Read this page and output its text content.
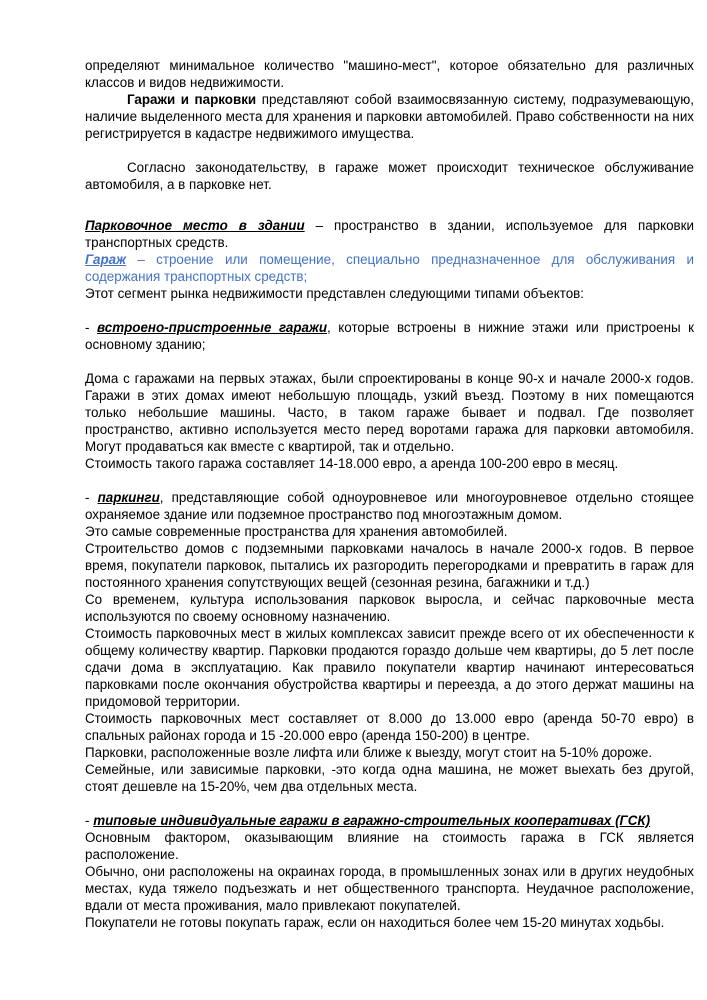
определяют минимальное количество "машино-мест", которое обязательно для различных классов и видов недвижимости.

Гаражи и парковки представляют собой взаимосвязанную систему, подразумевающую, наличие выделенного места для хранения и парковки автомобилей. Право собственности на них регистрируется в кадастре недвижимого имущества.

Согласно законодательству, в гараже может происходит техническое обслуживание автомобиля, а в парковке нет.

Парковочное место в здании – пространство в здании, используемое для парковки транспортных средств.

Гараж – строение или помещение, специально предназначенное для обслуживания и содержания транспортных средств;

Этот сегмент рынка недвижимости представлен следующими типами объектов:

- встроено-пристроенные гаражи, которые встроены в нижние этажи или пристроены к основному зданию;

Дома с гаражами на первых этажах, были спроектированы в конце 90-х и начале 2000-х годов. Гаражи в этих домах имеют небольшую площадь, узкий въезд. Поэтому в них помещаются только небольшие машины. Часто, в таком гараже бывает и подвал. Где позволяет пространство, активно используется место перед воротами гаража для парковки автомобиля. Могут продаваться как вместе с квартирой, так и отдельно.

Стоимость такого гаража составляет 14-18.000 евро, а аренда 100-200 евро в месяц.

- паркинги, представляющие собой одноуровневое или многоуровневое отдельно стоящее охраняемое здание или подземное пространство под многоэтажным домом.

Это самые современные пространства для хранения автомобилей.

Строительство домов с подземными парковками началось в начале 2000-х годов. В первое время, покупатели парковок, пытались их разгородить перегородками и превратить в гараж для постоянного хранения сопутствующих вещей (сезонная резина, багажники и т.д.)

Со временем, культура использования парковок выросла, и сейчас парковочные места используются по своему основному назначению.

Стоимость парковочных мест в жилых комплексах зависит прежде всего от их обеспеченности к общему количеству квартир. Парковки продаются гораздо дольше чем квартиры, до 5 лет после сдачи дома в эксплуатацию. Как правило покупатели квартир начинают интересоваться парковками после окончания обустройства квартиры и переезда, а до этого держат машины на придомовой территории.

Стоимость парковочных мест составляет от 8.000 до 13.000 евро (аренда 50-70 евро) в спальных районах города и 15 -20.000 евро (аренда 150-200) в центре.

Парковки, расположенные возле лифта или ближе к выезду, могут стоит на 5-10% дороже.

Семейные, или зависимые парковки, -это когда одна машина, не может выехать без другой, стоят дешевле на 15-20%, чем два отдельных места.

- типовые индивидуальные гаражи в гаражно-строительных кооперативах (ГСК)

Основным фактором, оказывающим влияние на стоимость гаража в ГСК является расположение.

Обычно, они расположены на окраинах города, в промышленных зонах или в других неудобных местах, куда тяжело подъезжать и нет общественного транспорта. Неудачное расположение, вдали от места проживания, мало привлекают покупателей.

Покупатели не готовы покупать гараж, если он находиться более чем 15-20 минутах ходьбы.
